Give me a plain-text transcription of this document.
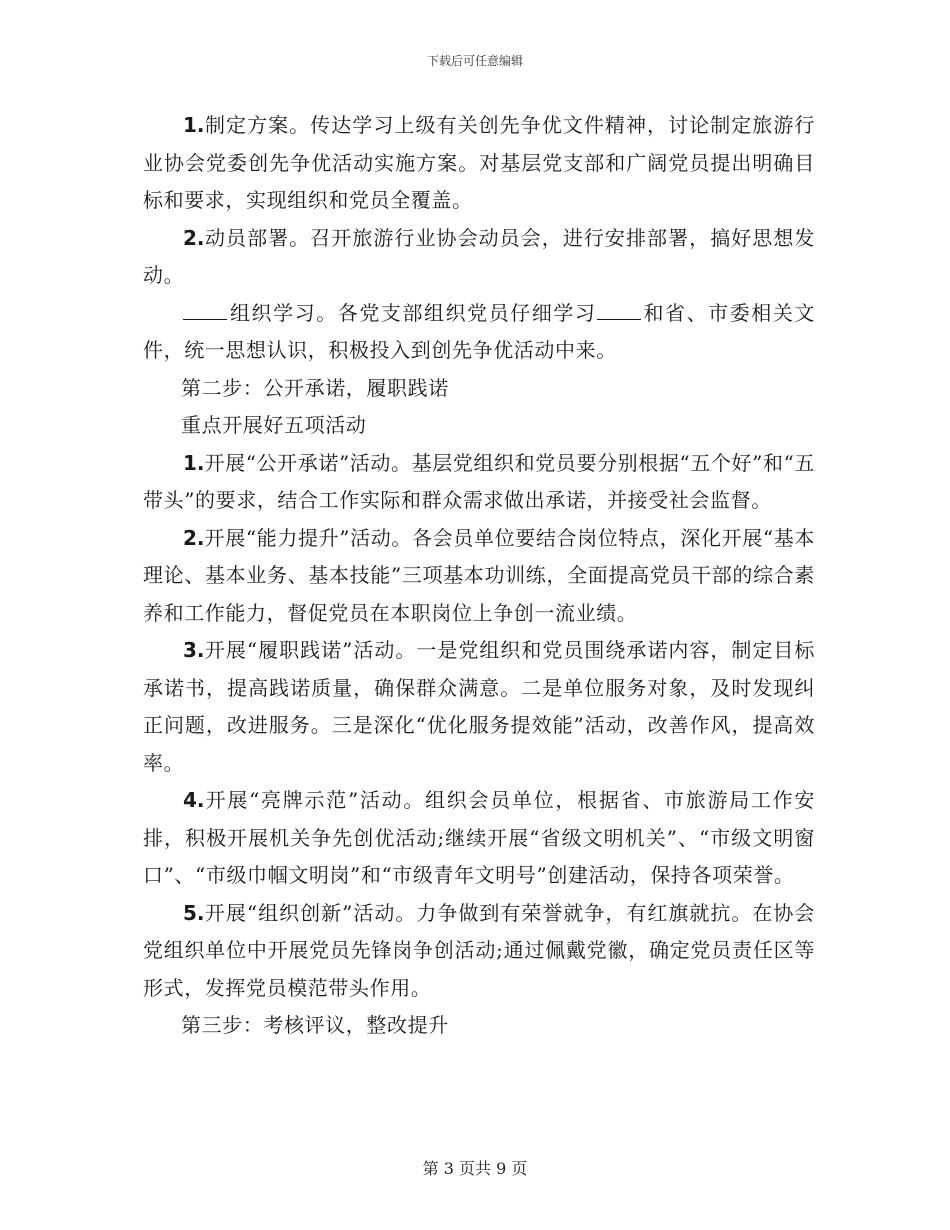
下载后可任意编辑

1.制定方案。传达学习上级有关创先争优文件精神，讨论制定旅游行业协会党委创先争优活动实施方案。对基层党支部和广阔党员提出明确目标和要求，实现组织和党员全覆盖。

2.动员部署。召开旅游行业协会动员会，进行安排部署，搞好思想发动。

组织学习。各党支部组织党员仔细学习 和省、市委相关文件，统一思想认识，积极投入到创先争优活动中来。

第二步：公开承诺，履职践诺

重点开展好五项活动

1.开展“公开承诺”活动。基层党组织和党员要分别根据“五个好”和“五带头”的要求，结合工作实际和群众需求做出承诺，并接受社会监督。

2.开展“能力提升”活动。各会员单位要结合岗位特点，深化开展“基本理论、基本业务、基本技能”三项基本功训练，全面提高党员干部的综合素养和工作能力，督促党员在本职岗位上争创一流业绩。

3.开展“履职践诺”活动。一是党组织和党员围绕承诺内容，制定目标承诺书，提高践诺质量，确保群众满意。二是单位服务对象，及时发现纠正问题，改进服务。三是深化“优化服务提效能”活动，改善作风，提高效率。

4.开展“亮牌示范”活动。组织会员单位，根据省、市旅游局工作安排，积极开展机关争先创优活动;继续开展“省级文明机关”、“市级文明窗口”、“市级巾帼文明岗”和“市级青年文明号”创建活动，保持各项荣誉。

5.开展“组织创新”活动。力争做到有荣誉就争，有红旗就抗。在协会党组织单位中开展党员先锋岗争创活动;通过佩戴党徽，确定党员责任区等形式，发挥党员模范带头作用。

第三步：考核评议，整改提升

第 3 页共 9 页
